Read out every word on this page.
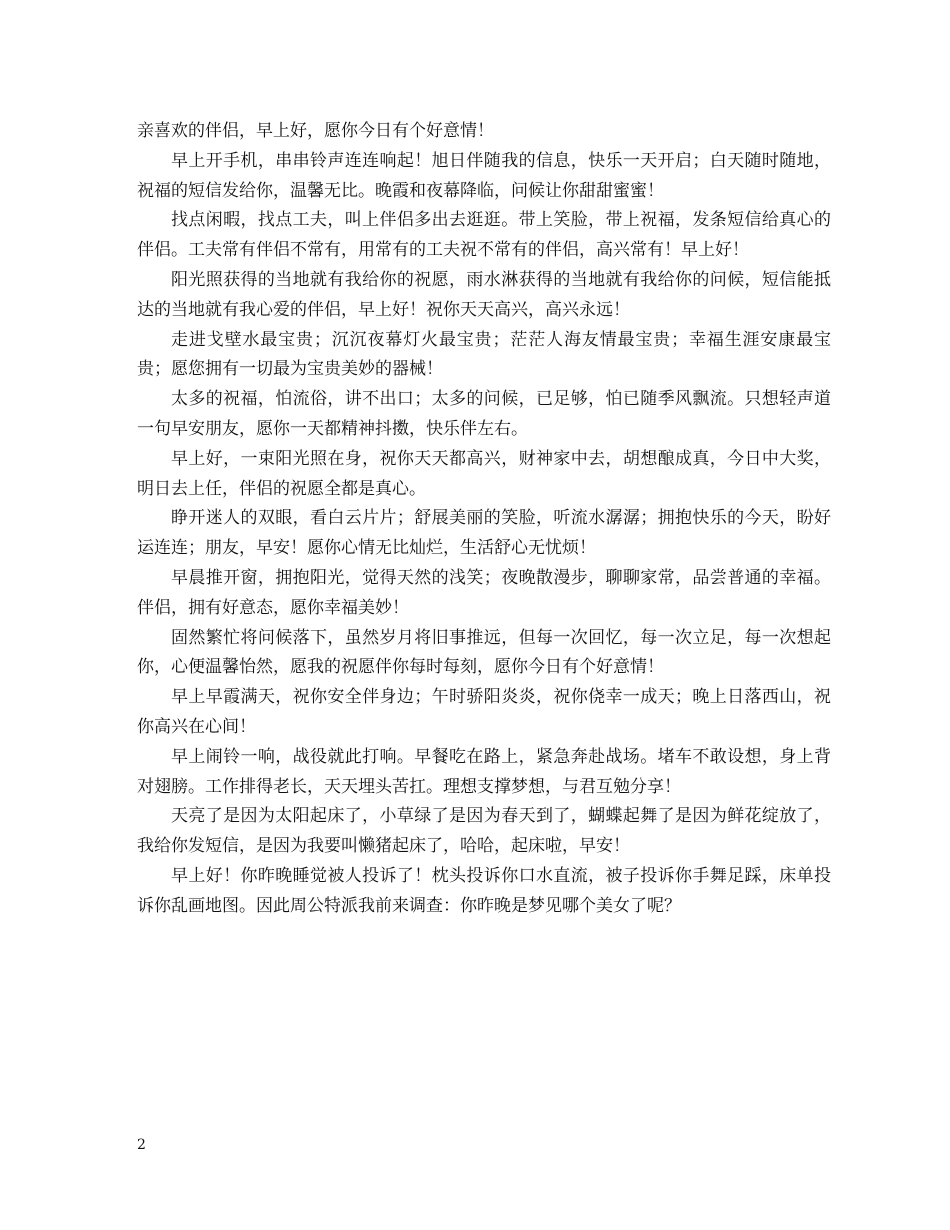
亲喜欢的伴侣，早上好，愿你今日有个好意情！

早上开手机，串串铃声连连响起！旭日伴随我的信息，快乐一天开启；白天随时随地，祝福的短信发给你，温馨无比。晚霞和夜幕降临，问候让你甜甜蜜蜜！

找点闲暇，找点工夫，叫上伴侣多出去逛逛。带上笑脸，带上祝福，发条短信给真心的伴侣。工夫常有伴侣不常有，用常有的工夫祝不常有的伴侣，高兴常有！早上好！

阳光照获得的当地就有我给你的祝愿，雨水淋获得的当地就有我给你的问候，短信能抵达的当地就有我心爱的伴侣，早上好！祝你天天高兴，高兴永远！

走进戈壁水最宝贵；沉沉夜幕灯火最宝贵；茫茫人海友情最宝贵；幸福生涯安康最宝贵；愿您拥有一切最为宝贵美妙的器械！

太多的祝福，怕流俗，讲不出口；太多的问候，已足够，怕已随季风飘流。只想轻声道一句早安朋友，愿你一天都精神抖擞，快乐伴左右。

早上好，一束阳光照在身，祝你天天都高兴，财神家中去，胡想酿成真，今日中大奖，明日去上任，伴侣的祝愿全都是真心。

睁开迷人的双眼，看白云片片；舒展美丽的笑脸，听流水潺潺；拥抱快乐的今天，盼好运连连；朋友，早安！愿你心情无比灿烂，生活舒心无忧烦！

早晨推开窗，拥抱阳光，觉得天然的浅笑；夜晚散漫步，聊聊家常，品尝普通的幸福。伴侣，拥有好意态，愿你幸福美妙！

固然繁忙将问候落下，虽然岁月将旧事推远，但每一次回忆，每一次立足，每一次想起你，心便温馨怡然，愿我的祝愿伴你每时每刻，愿你今日有个好意情！

早上早霞满天，祝你安全伴身边；午时骄阳炎炎，祝你侥幸一成天；晚上日落西山，祝你高兴在心间！

早上闹铃一响，战役就此打响。早餐吃在路上，紧急奔赴战场。堵车不敢设想，身上背对翅膀。工作排得老长，天天埋头苦扛。理想支撑梦想，与君互勉分享！

天亮了是因为太阳起床了，小草绿了是因为春天到了，蝴蝶起舞了是因为鲜花绽放了，我给你发短信，是因为我要叫懒猪起床了，哈哈，起床啦，早安！

早上好！你昨晚睡觉被人投诉了！枕头投诉你口水直流，被子投诉你手舞足踩，床单投诉你乱画地图。因此周公特派我前来调查：你昨晚是梦见哪个美女了呢？

2
